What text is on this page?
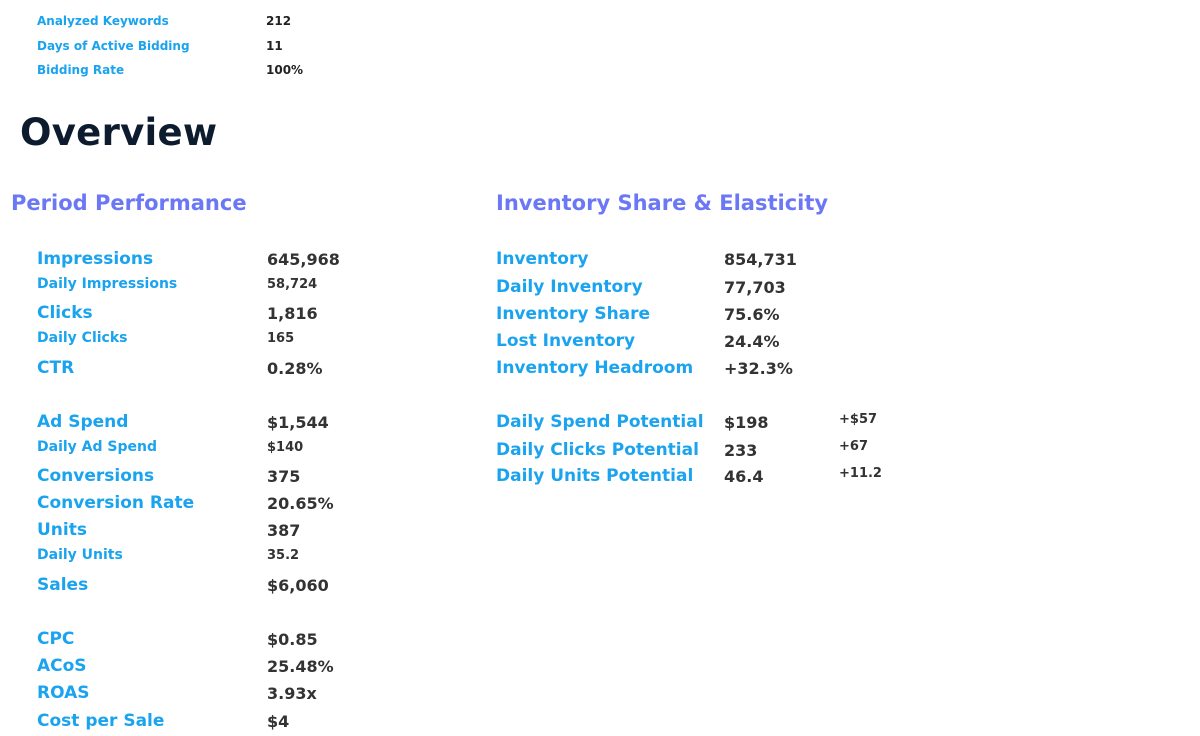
Analyzed Keywords	212
Days of Active Bidding	11
Bidding Rate	100%
Overview
Period Performance	Inventory Share & Elasticity
Impressions	645,968
Daily Impressions	58,724
Clicks	1,816
Daily Clicks	165
CTR	0.28%
Ad Spend	$1,544
Daily Ad Spend	$140
Conversions	375
Conversion Rate	20.65%
Units	387
Daily Units	35.2
Sales	$6,060
CPC	$0.85
ACoS	25.48%
ROAS	3.93x
Cost per Sale	$4
Inventory	854,731
Daily Inventory	77,703
Inventory Share	75.6%
Lost Inventory	24.4%
Inventory Headroom +32.3%
Daily Spend Potential $198	+$57
Daily Clicks Potential 233	+67
Daily Units Potential 46.4	+11.2
